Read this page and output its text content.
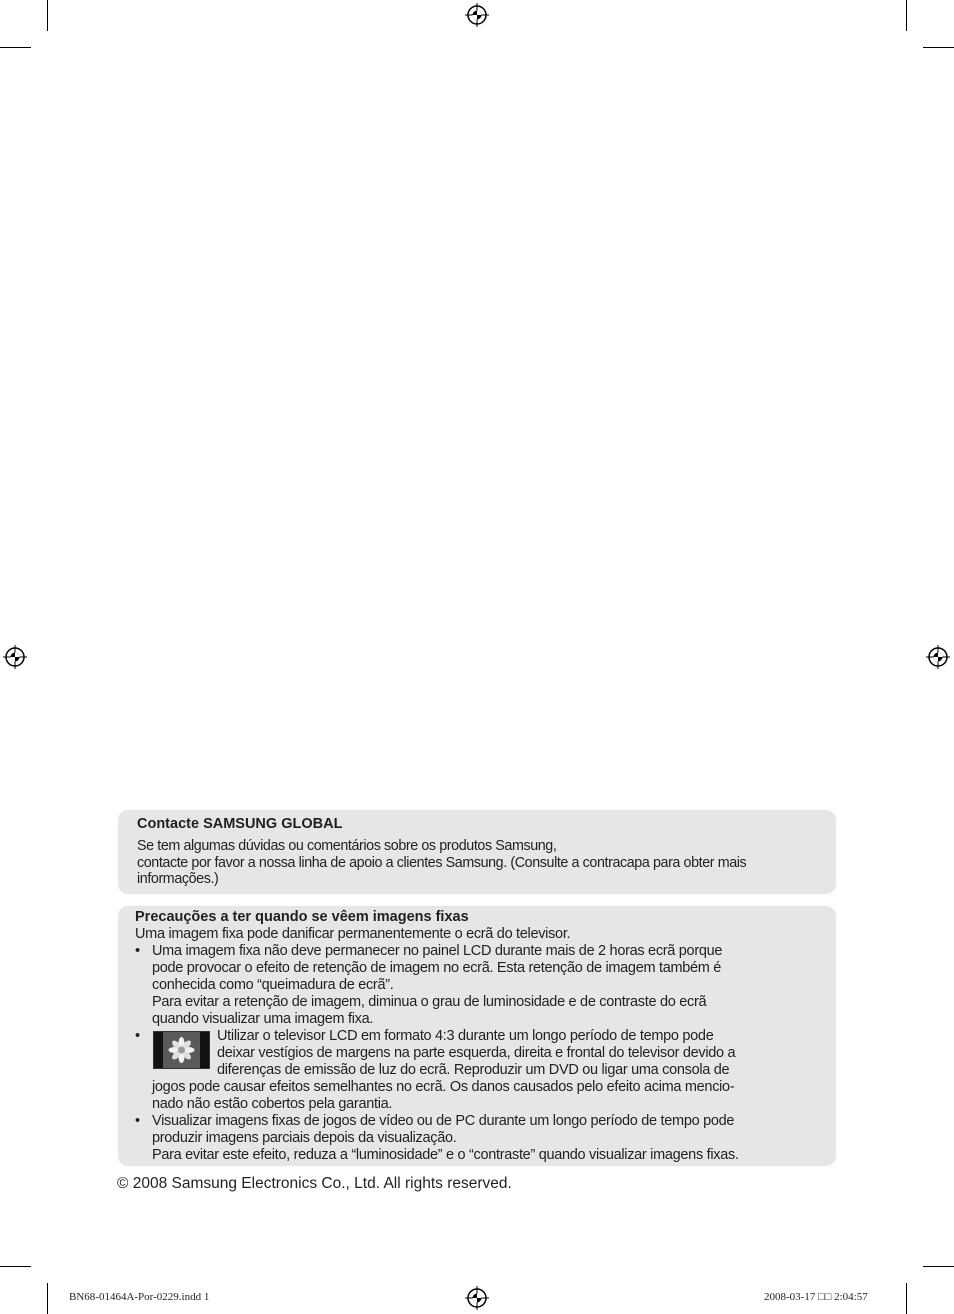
Contacte SAMSUNG GLOBAL
Se tem algumas dúvidas ou comentários sobre os produtos Samsung,
contacte por favor a nossa linha de apoio a clientes Samsung. (Consulte a contracapa para obter mais
informações.)
Precauções a ter quando se vêem imagens fixas
Uma imagem fixa pode danificar permanentemente o ecrã do televisor.
• Uma imagem fixa não deve permanecer no painel LCD durante mais de 2 horas ecrã porque
pode provocar o efeito de retenção de imagem no ecrã. Esta retenção de imagem também é
conhecida como “queimadura de ecrã”.
Para evitar a retenção de imagem, diminua o grau de luminosidade e de contraste do ecrã
quando visualizar uma imagem fixa.
•	Utilizar o televisor LCD em formato 4:3 durante um longo período de tempo pode
deixar vestígios de margens na parte esquerda, direita e frontal do televisor devido a
diferenças de emissão de luz do ecrã. Reproduzir um DVD ou ligar uma consola de
jogos pode causar efeitos semelhantes no ecrã. Os danos causados pelo efeito acima mencio-
nado não estão cobertos pela garantia.
• Visualizar imagens fixas de jogos de vídeo ou de PC durante um longo período de tempo pode
produzir imagens parciais depois da visualização.
Para evitar este efeito, reduza a “luminosidade” e o “contraste” quando visualizar imagens fixas.
© 2008 Samsung Electronics Co., Ltd. All rights reserved.
BN68-01464A-Por-0229.indd 1	2008-03-17 □□ 2:04:57
